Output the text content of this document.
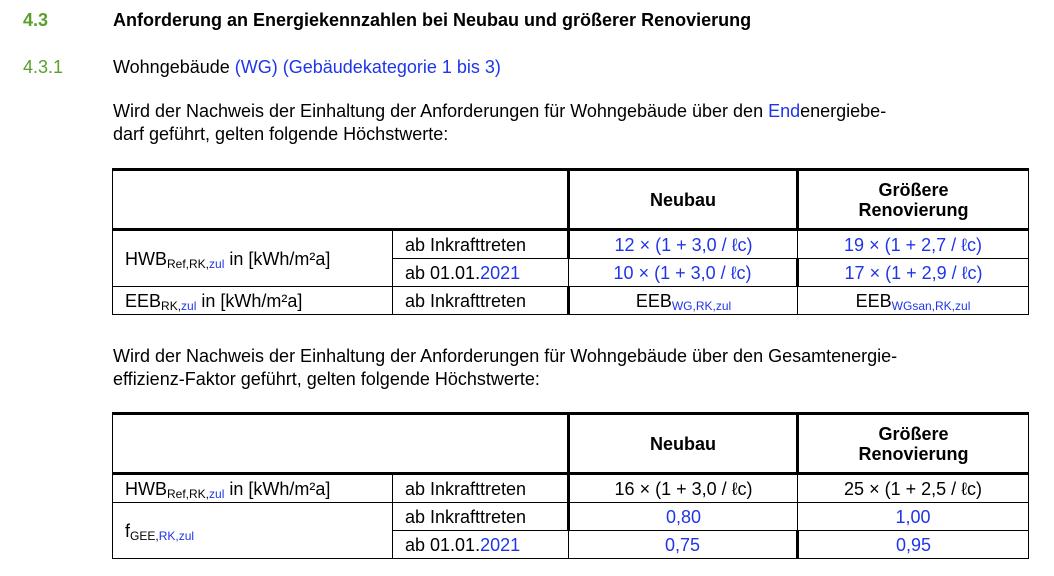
4.3	Anforderung an Energiekennzahlen bei Neubau und größerer Renovierung
4.3.1	Wohngebäude (WG) (Gebäudekategorie 1 bis 3)
Wird der Nachweis der Einhaltung der Anforderungen für Wohngebäude über den Endenergiebe-
darf geführt, gelten folgende Höchstwerte:
		Neubau	Größere
Renovierung
$HWB_{Ref,RK,zul}$ in [kWh/m²a]	ab Inkrafttreten	12 × (1 + 3,0 / ℓc)	19 × (1 + 2,7 / ℓc)
	ab 01.01.2021	10 × (1 + 3,0 / ℓc)	17 × (1 + 2,9 / ℓc)
$EEB_{RK,zul}$ in [kWh/m²a]	ab Inkrafttreten	$EEB_{WG,RK,zul}$	$EEB_{WGsan,RK,zul}$
Wird der Nachweis der Einhaltung der Anforderungen für Wohngebäude über den Gesamtenergie-
effizienz-Faktor geführt, gelten folgende Höchstwerte:
		Neubau	Größere
Renovierung
$HWB_{Ref,RK,zul}$ in [kWh/m²a]	ab Inkrafttreten	16 × (1 + 3,0 / ℓc)	25 × (1 + 2,5 / ℓc)
$f_{GEE,RK,zul}$	ab Inkrafttreten	0,80	1,00
	ab 01.01.2021	0,75	0,95
